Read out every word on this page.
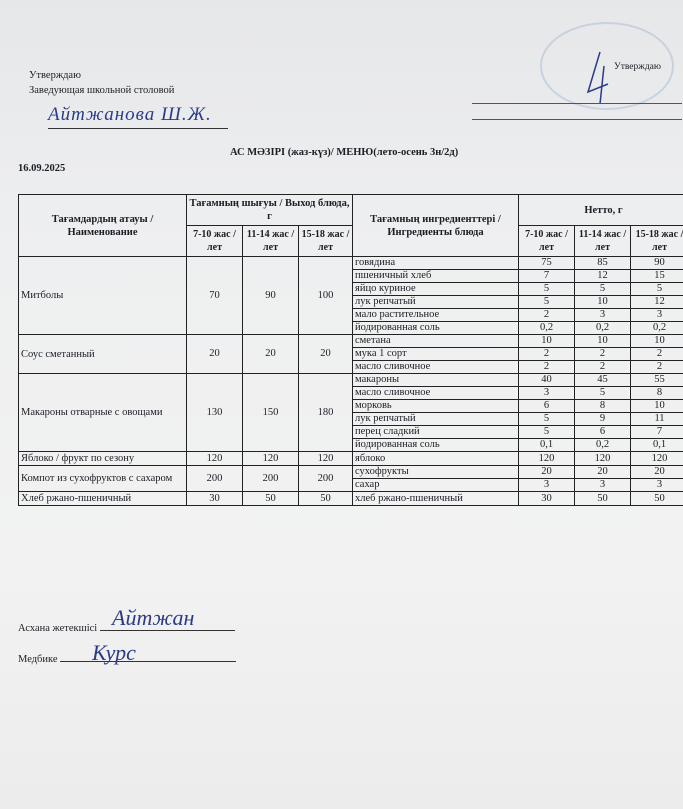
Утверждаю
Заведующая школьной столовой
Айтжанова Ш.Ж.
Утверждаю
АС МӘЗІРІ (жаз-күз)/ МЕНЮ(лето-осень 3н/2д)
16.09.2025
Тағамдардың атауы / Наименование	Тағамның шығуы / Выход блюда, г			Тағамның ингредиенттері / Ингредиенты блюда	Нетто, г		
	7-10 жас / лет	11-14 жас / лет	15-18 жас / лет		7-10 жас / лет	11-14 жас / лет	15-18 жас / лет
Митболы	70	90	100	говядина	75	85	90
				пшеничный хлеб	7	12	15
				яйцо куриное	5	5	5
				лук репчатый	5	10	12
				мало растительное	2	3	3
				йодированная соль	0,2	0,2	0,2
Соус сметанный	20	20	20	сметана	10	10	10
				мука 1 сорт	2	2	2
				масло сливочное	2	2	2
Макароны отварные с овощами	130	150	180	макароны	40	45	55
				масло сливочное	3	5	8
				морковь	6	8	10
				лук репчатый	5	9	11
				перец сладкий	5	6	7
				йодированная соль	0,1	0,2	0,1
Яблоко / фрукт по сезону	120	120	120	яблоко	120	120	120
Компот из сухофруктов с сахаром	200	200	200	сухофрукты	20	20	20
				сахар	3	3	3
Хлеб ржано-пшеничный	30	50	50	хлеб ржано-пшеничный	30	50	50
Асхана жетекшісі Айтжан
Медбике	Курс
